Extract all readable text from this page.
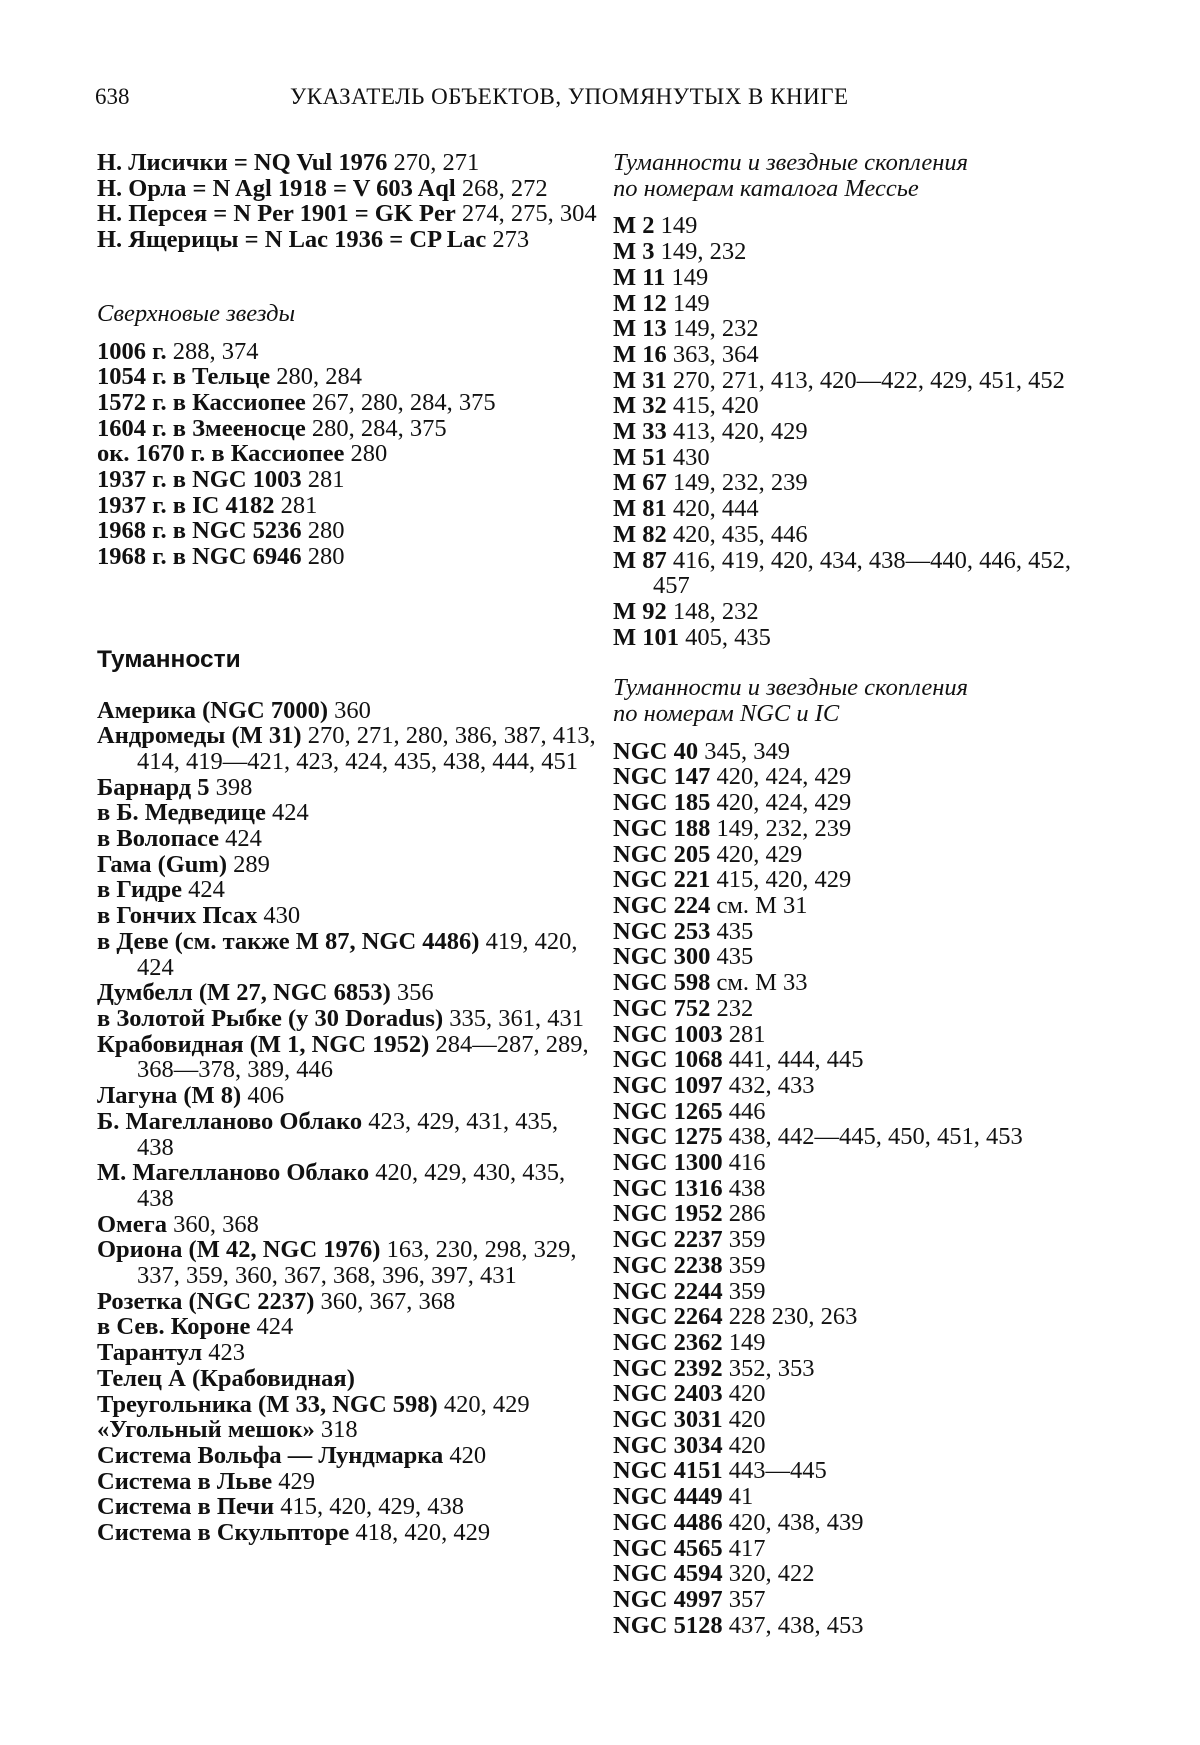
638	УКАЗАТЕЛЬ ОБЪЕКТОВ, УПОМЯНУТЫХ В КНИГЕ
Н. Лисички = NQ Vul 1976 270, 271
Н. Орла = N Agl 1918 = V 603 Aql 268, 272
Н. Персея = N Per 1901 = GK Per 274, 275, 304
Н. Ящерицы = N Lac 1936 = CP Lac 273
Сверхновые звезды
1006 г. 288, 374
1054 г. в Тельце 280, 284
1572 г. в Кассиопее 267, 280, 284, 375
1604 г. в Змееносце 280, 284, 375
ок. 1670 г. в Кассиопее 280
1937 г. в NGC 1003 281
1937 г. в IC 4182 281
1968 г. в NGC 5236 280
1968 г. в NGC 6946 280
Туманности
Америка (NGC 7000) 360
Андромеды (M 31) 270, 271, 280, 386, 387, 413, 414, 419—421, 423, 424, 435, 438, 444, 451
Барнард 5 398
в Б. Медведице 424
в Волопасе 424
Гама (Gum) 289
в Гидре 424
в Гончих Псах 430
в Деве (см. также M 87, NGC 4486) 419, 420, 424
Думбелл (M 27, NGC 6853) 356
в Золотой Рыбке (у 30 Doradus) 335, 361, 431
Крабовидная (M 1, NGC 1952) 284—287, 289, 368—378, 389, 446
Лагуна (M 8) 406
Б. Магелланово Облако 423, 429, 431, 435, 438
М. Магелланово Облако 420, 429, 430, 435, 438
Омега 360, 368
Ориона (M 42, NGC 1976) 163, 230, 298, 329, 337, 359, 360, 367, 368, 396, 397, 431
Розетка (NGC 2237) 360, 367, 368
в Сев. Короне 424
Тарантул 423
Телец А (Крабовидная)
Треугольника (M 33, NGC 598) 420, 429
«Угольный мешок» 318
Система Вольфа — Лундмарка 420
Система в Льве 429
Система в Печи 415, 420, 429, 438
Система в Скульпторе 418, 420, 429
Туманности и звездные скопления
по номерам каталога Мессье
M 2 149
M 3 149, 232
M 11 149
M 12 149
M 13 149, 232
M 16 363, 364
M 31 270, 271, 413, 420—422, 429, 451, 452
M 32 415, 420
M 33 413, 420, 429
M 51 430
M 67 149, 232, 239
M 81 420, 444
M 82 420, 435, 446
M 87 416, 419, 420, 434, 438—440, 446, 452, 457
M 92 148, 232
M 101 405, 435
Туманности и звездные скопления
по номерам NGC и IC
NGC 40 345, 349
NGC 147 420, 424, 429
NGC 185 420, 424, 429
NGC 188 149, 232, 239
NGC 205 420, 429
NGC 221 415, 420, 429
NGC 224 см. M 31
NGC 253 435
NGC 300 435
NGC 598 см. M 33
NGC 752 232
NGC 1003 281
NGC 1068 441, 444, 445
NGC 1097 432, 433
NGC 1265 446
NGC 1275 438, 442—445, 450, 451, 453
NGC 1300 416
NGC 1316 438
NGC 1952 286
NGC 2237 359
NGC 2238 359
NGC 2244 359
NGC 2264 228 230, 263
NGC 2362 149
NGC 2392 352, 353
NGC 2403 420
NGC 3031 420
NGC 3034 420
NGC 4151 443—445
NGC 4449 41
NGC 4486 420, 438, 439
NGC 4565 417
NGC 4594 320, 422
NGC 4997 357
NGC 5128 437, 438, 453
